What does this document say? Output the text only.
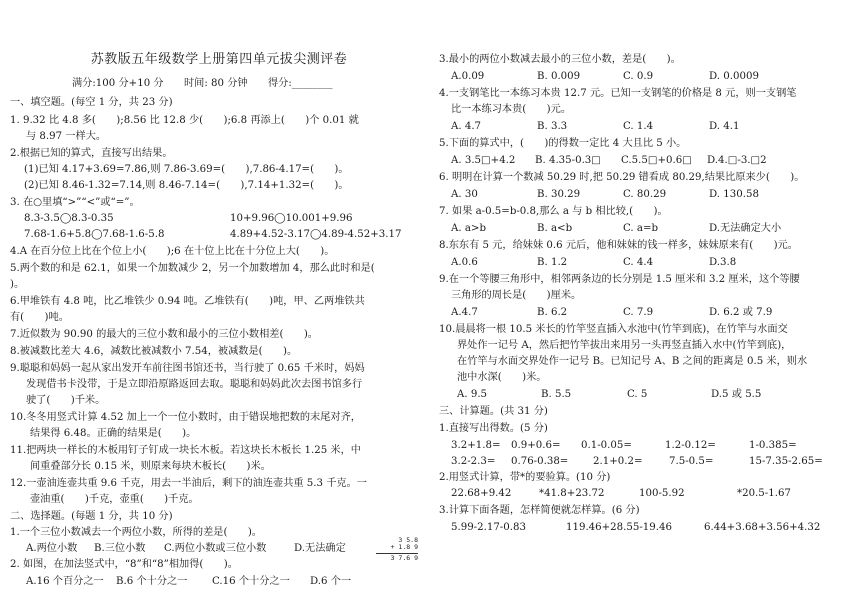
苏教版五年级数学上册第四单元拔尖测评卷
满分:100 分+10 分　　时间: 80 分钟　　得分:________
一、填空题。(每空 1 分，共 23 分)
1. 9.32 比 4.8 多(　　);8.56 比 12.8 少(　　);6.8 再添上(　　)个 0.01 就
与 8.97 一样大。
2.根据已知的算式，直接写出结果。
(1)已知 4.17+3.69=7.86,则 7.86-3.69=(　　),7.86-4.17=(　　)。
(2)已知 8.46-1.32=7.14,则 8.46-7.14=(　　),7.14+1.32=(　　)。
3. 在○里填“>”“<”或“=”。
8.3-3.5◯8.3-0.35	10+9.96◯10.001+9.96
7.68-1.6+5.8◯7.68-1.6-5.8	4.89+4.52-3.17◯4.89-4.52+3.17
4.A 在百分位上比在个位上小(　　);6 在十位上比在十分位上大(　　)。
5.两个数的和是 62.1，如果一个加数减少 2，另一个加数增加 4，那么此时和是(
)。
6.甲堆铁有 4.8 吨，比乙堆铁少 0.94 吨。乙堆铁有(　　)吨，甲、乙两堆铁共
有(　　)吨。
7.近似数为 90.90 的最大的三位小数和最小的三位小数相差(　　)。
8.被减数比差大 4.6，减数比被减数小 7.54，被减数是(　　)。
9.聪聪和妈妈一起从家出发开车前往图书馆还书，当行驶了 0.65 千米时，妈妈
发现借书卡没带，于是立即沿原路返回去取。聪聪和妈妈此次去图书馆多行
驶了(　　)千米。
10.冬冬用竖式计算 4.52 加上一个一位小数时，由于错误地把数的末尾对齐，
结果得 6.48。正确的结果是(　　)。
11.把两块一样长的木板用钉子钉成一块长木板。若这块长木板长 1.25 米，中
间重叠部分长 0.15 米，则原来每块木板长(　　)米。
12.一壶油连壶共重 9.6 千克，用去一半油后，剩下的油连壶共重 5.3 千克。一
壶油重(　　)千克，壶重(　　)千克。
二、选择题。(每题 1 分，共 10 分)
1.一个三位小数减去一个两位小数，所得的差是(　　)。
A.两位小数	B.三位小数	C.两位小数或三位小数	D.无法确定
2. 如图，在加法竖式中，“8”和“8”相加得(　　)。
A.16 个百分之一	B.6 个十分之一	C.16 个十分之一	D.6 个一
3 5.8
+ 1.8 9
3 7.6 9
3.最小的两位小数减去最小的三位小数，差是(　　)。
A.0.09	B. 0.009	C. 0.9	D. 0.0009
4.一支钢笔比一本练习本贵 12.7 元。已知一支钢笔的价格是 8 元，则一支钢笔
比一本练习本贵(　　)元。
A. 4.7	B. 3.3	C. 1.4	D. 4.1
5.下面的算式中，(　　)的得数一定比 4 大且比 5 小。
A. 3.5□+4.2	B. 4.35-0.3□	C.5.5□+0.6□	D.4.□-3.□2
6. 明明在计算一个数减 50.29 时,把 50.29 错看成 80.29,结果比原来少(　　)。
A. 30	B. 30.29	C. 80.29	D. 130.58
7. 如果 a-0.5=b-0.8,那么 a 与 b 相比较,(　　)。
A. a>b	B. a<b	C. a=b	D.无法确定大小
8.东东有 5 元，给妹妹 0.6 元后，他和妹妹的钱一样多，妹妹原来有(　　)元。
A.0.6	B. 1.2	C. 4.4	D.3.8
9.在一个等腰三角形中，相邻两条边的长分别是 1.5 厘米和 3.2 厘米，这个等腰
三角形的周长是(　　)厘米。
A.4.7	B. 6.2	C. 7.9	D. 6.2 或 7.9
10.晨晨将一根 10.5 米长的竹竿竖直插入水池中(竹竿到底)，在竹竿与水面交
界处作一记号 A，然后把竹竿拔出来用另一头再竖直插入水中(竹竿到底)，
在竹竿与水面交界处作一记号 B。已知记号 A、B 之间的距离是 0.5 米，则水
池中水深(　　)米。
A. 9.5	B. 5.5	C. 5	D.5 或 5.5
三、计算题。(共 31 分)
1.直接写出得数。(5 分)
3.2+1.8=	0.9+0.6=	0.1-0.05=	1.2-0.12=	1-0.385=
3.2-2.3=	0.76-0.38=	2.1+0.2=	7.5-0.5=	15-7.35-2.65=
2.用竖式计算，带*的要验算。(10 分)
22.68+9.42	*41.8+23.72	100-5.92	*20.5-1.67
3.计算下面各题，怎样简便就怎样算。(6 分)
5.99-2.17-0.83	119.46+28.55-19.46	6.44+3.68+3.56+4.32
